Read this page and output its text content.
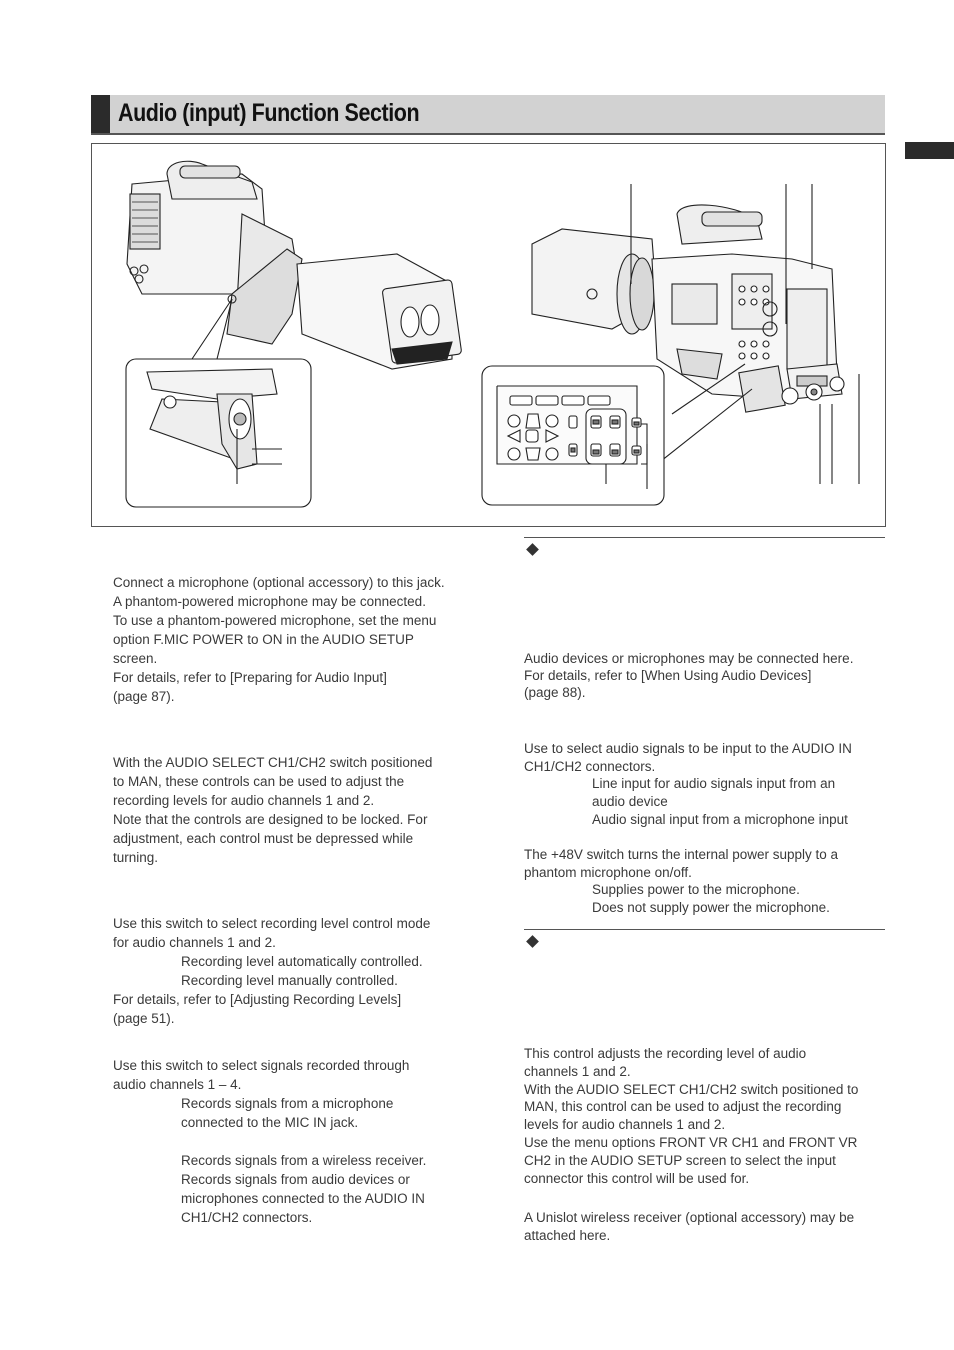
Audio (input) Function Section
Connect a microphone (optional accessory) to this jack.
A phantom-powered microphone may be connected.
To use a phantom-powered microphone, set the menu
option F.MIC POWER to ON in the AUDIO SETUP
screen.
For details, refer to [Preparing for Audio Input]
(page 87).
With the AUDIO SELECT CH1/CH2 switch positioned
to MAN, these controls can be used to adjust the
recording levels for audio channels 1 and 2.
Note that the controls are designed to be locked. For
adjustment, each control must be depressed while
turning.
Use this switch to select recording level control mode
for audio channels 1 and 2.
Recording level automatically controlled.
Recording level manually controlled.
For details, refer to [Adjusting Recording Levels]
(page 51).
Use this switch to select signals recorded through
audio channels 1 – 4.
Records signals from a microphone
connected to the MIC IN jack.
Records signals from a wireless receiver.
Records signals from audio devices or
microphones connected to the AUDIO IN
CH1/CH2 connectors.
Audio devices or microphones may be connected here.
For details, refer to [When Using Audio Devices]
(page 88).
Use to select audio signals to be input to the AUDIO IN
CH1/CH2 connectors.
Line input for audio signals input from an
audio device
Audio signal input from a microphone input
The +48V switch turns the internal power supply to a
phantom microphone on/off.
Supplies power to the microphone.
Does not supply power the microphone.
This control adjusts the recording level of audio
channels 1 and 2.
With the AUDIO SELECT CH1/CH2 switch positioned to
MAN, this control can be used to adjust the recording
levels for audio channels 1 and 2.
Use the menu options FRONT VR CH1 and FRONT VR
CH2 in the AUDIO SETUP screen to select the input
connector this control will be used for.
A Unislot wireless receiver (optional accessory) may be
attached here.
